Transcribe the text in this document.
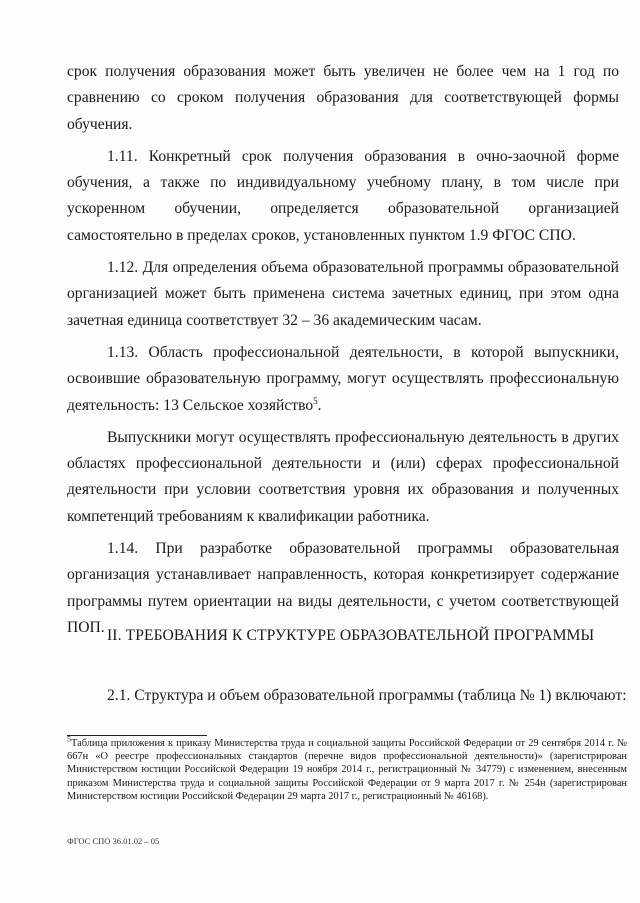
срок получения образования может быть увеличен не более чем на 1 год по сравнению со сроком получения образования для соответствующей формы обучения.

1.11. Конкретный срок получения образования в очно-заочной форме обучения, а также по индивидуальному учебному плану, в том числе при ускоренном обучении, определяется образовательной организацией самостоятельно в пределах сроков, установленных пунктом 1.9 ФГОС СПО.

1.12. Для определения объема образовательной программы образовательной организацией может быть применена система зачетных единиц, при этом одна зачетная единица соответствует 32 – 36 академическим часам.

1.13. Область профессиональной деятельности, в которой выпускники, освоившие образовательную программу, могут осуществлять профессиональную деятельность: 13 Сельское хозяйство$^5$.

Выпускники могут осуществлять профессиональную деятельность в других областях профессиональной деятельности и (или) сферах профессиональной деятельности при условии соответствия уровня их образования и полученных компетенций требованиям к квалификации работника.

1.14. При разработке образовательной программы образовательная организация устанавливает направленность, которая конкретизирует содержание программы путем ориентации на виды деятельности, с учетом соответствующей ПОП. II. ТРЕБОВАНИЯ К СТРУКТУРЕ ОБРАЗОВАТЕЛЬНОЙ ПРОГРАММЫ
2.1. Структура и объем образовательной программы (таблица № 1) включают:
$^5$Таблица приложения к приказу Министерства труда и социальной защиты Российской Федерации от 29 сентября 2014 г. № 667н «О реестре профессиональных стандартов (перечне видов профессиональной деятельности)» (зарегистрирован Министерством юстиции Российской Федерации 19 ноября 2014 г., регистрационный № 34779) с изменением, внесенным приказом Министерства труда и социальной защиты Российской Федерации от 9 марта 2017 г. № 254н (зарегистрирован Министерством юстиции Российской Федерации 29 марта 2017 г., регистрационный № 46168).
ФГОС СПО 36.01.02 – 05
